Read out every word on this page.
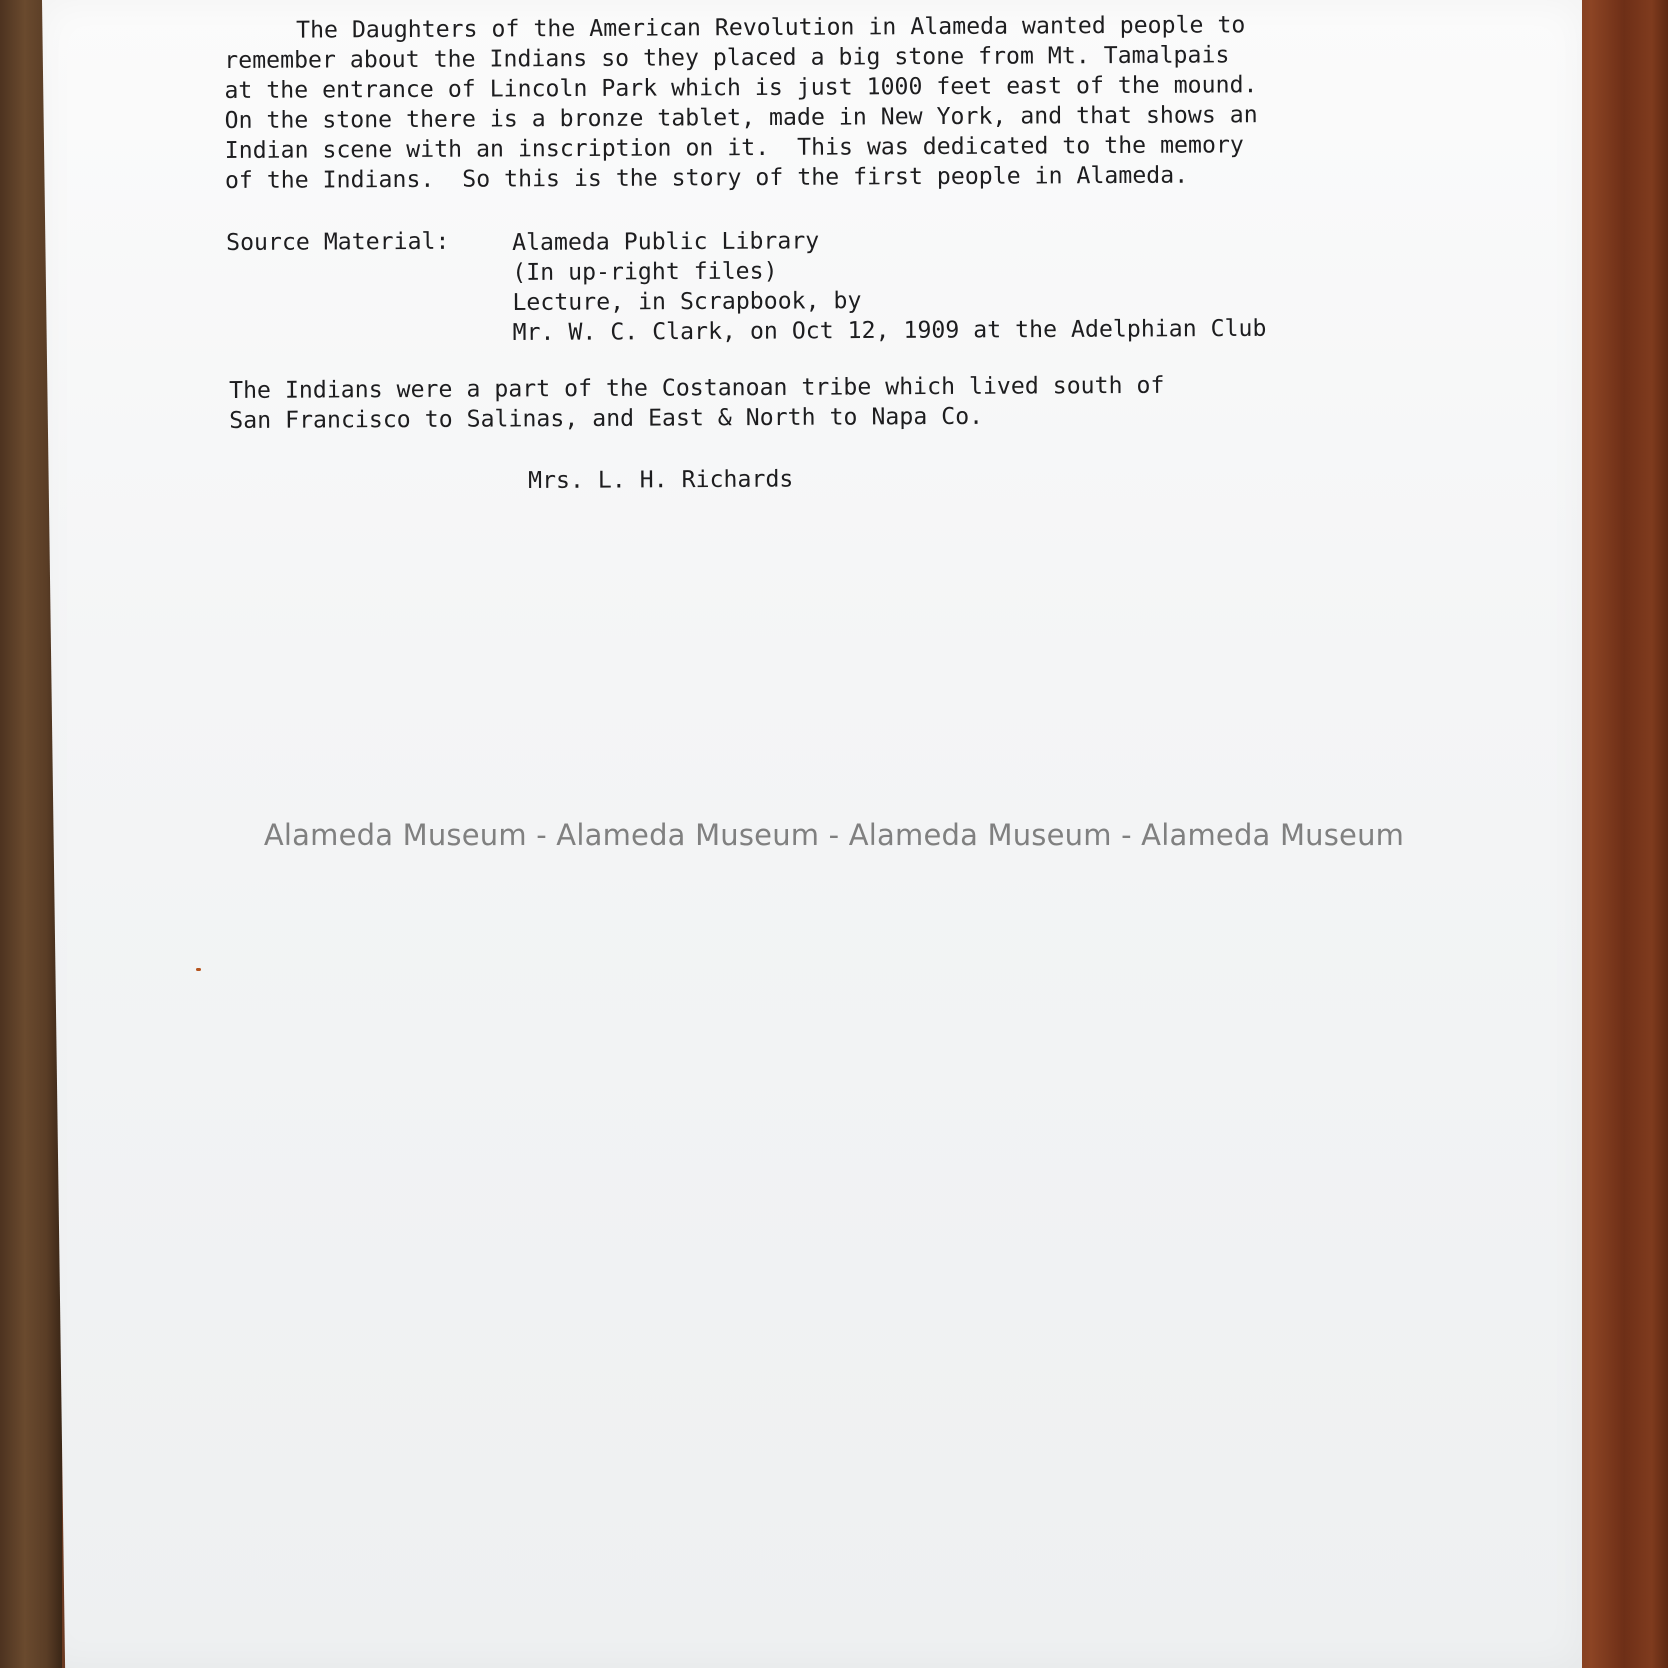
The Daughters of the American Revolution in Alameda wanted people to
remember about the Indians so they placed a big stone from Mt. Tamalpais
at the entrance of Lincoln Park which is just 1000 feet east of the mound.
On the stone there is a bronze tablet, made in New York, and that shows an
Indian scene with an inscription on it.  This was dedicated to the memory
of the Indians.  So this is the story of the first people in Alameda.
Source Material:	Alameda Public Library
(In up-right files)
Lecture, in Scrapbook, by
Mr. W. C. Clark, on Oct 12, 1909 at the Adelphian Club
The Indians were a part of the Costanoan tribe which lived south of
San Francisco to Salinas, and East & North to Napa Co.
Mrs. L. H. Richards
Alameda Museum - Alameda Museum - Alameda Museum - Alameda Museum
